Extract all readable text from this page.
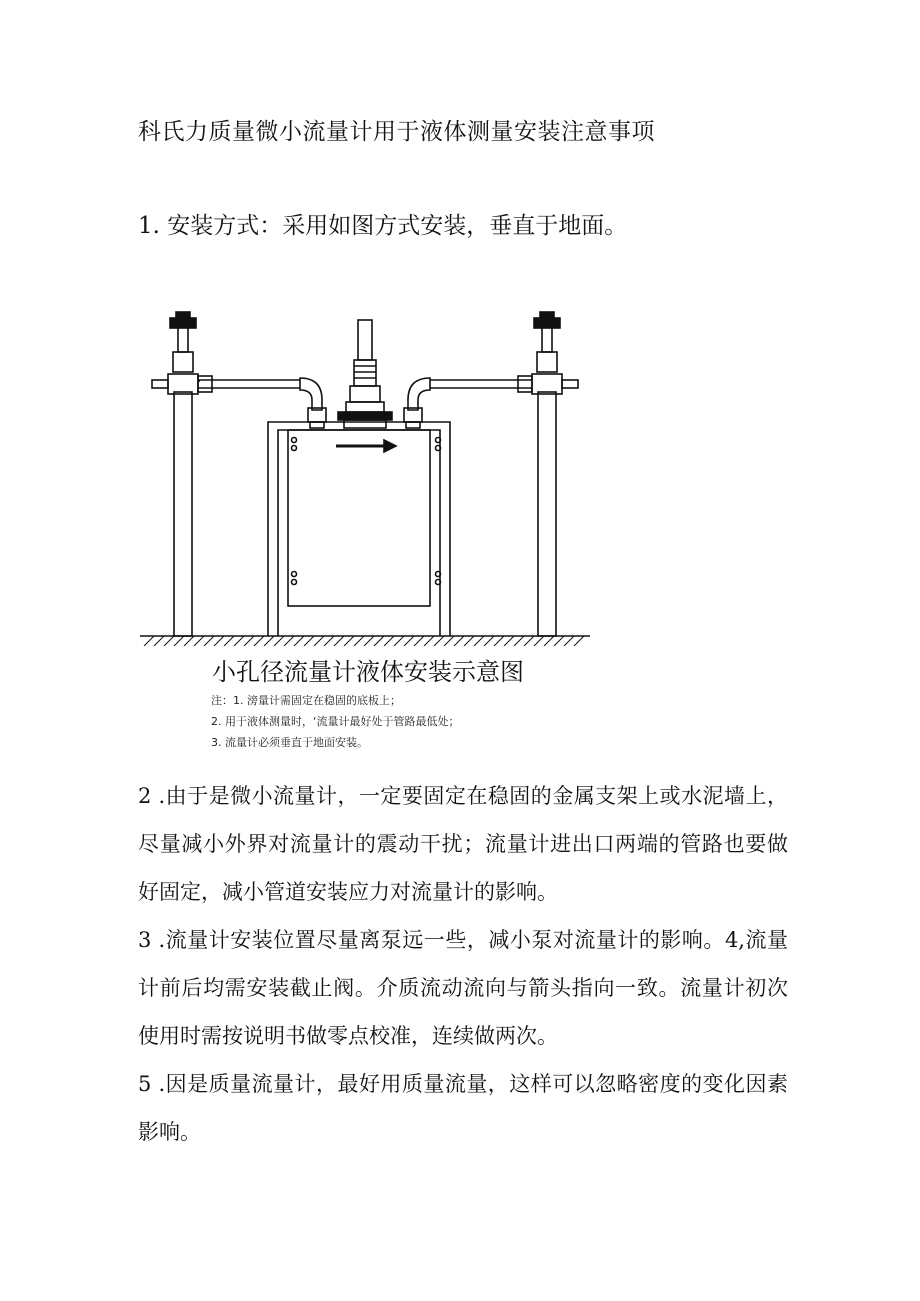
科氏力质量微小流量计用于液体测量安装注意事项
1. 安装方式：采用如图方式安装，垂直于地面。
小孔径流量计液体安装示意图
注：1. 滂量计需固定在稳固的底板上；
2. 用于液体测量时，‘流量计最好处于管路最低处；
3. 流量计必须垂直于地面安装。
2 .由于是微小流量计，一定要固定在稳固的金属支架上或水泥墙上，尽量减小外界对流量计的震动干扰；流量计进出口两端的管路也要做好固定，减小管道安装应力对流量计的影响。
3 .流量计安装位置尽量离泵远一些，减小泵对流量计的影响。4,流量计前后均需安装截止阀。介质流动流向与箭头指向一致。流量计初次使用时需按说明书做零点校准，连续做两次。
5 .因是质量流量计，最好用质量流量，这样可以忽略密度的变化因素影响。
